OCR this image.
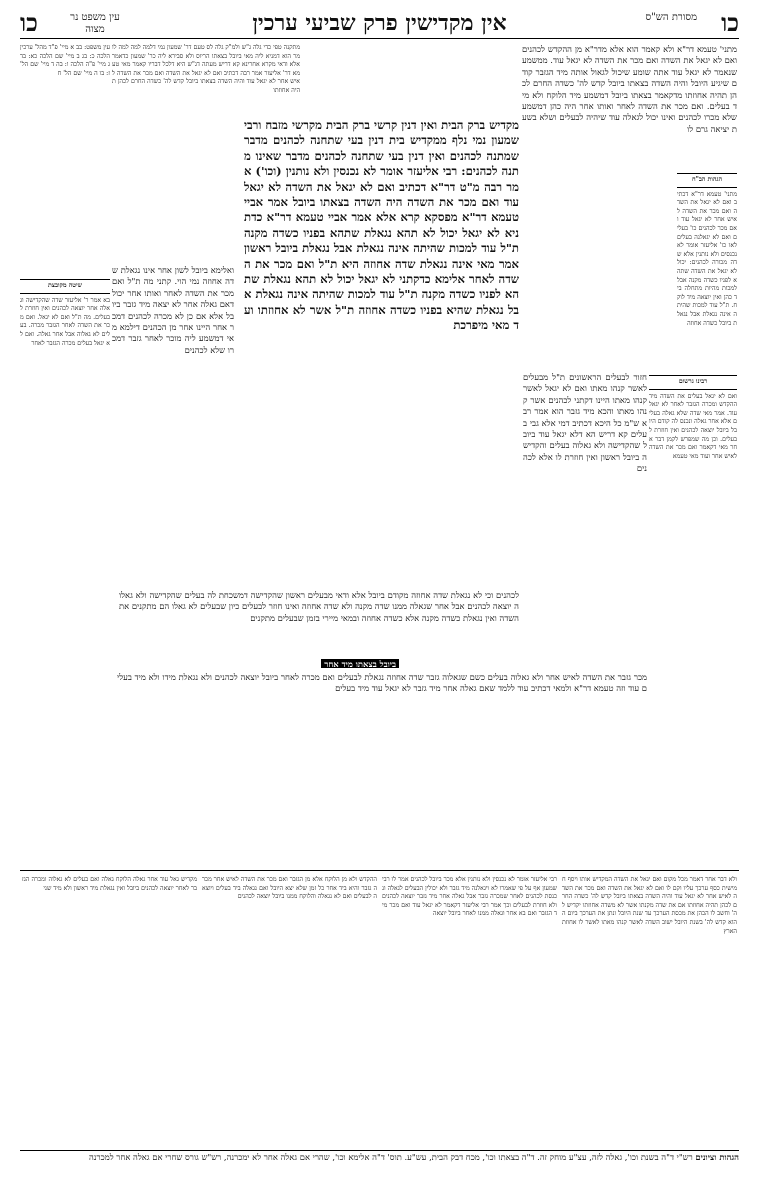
כו
מסורת הש"ס
אין מקדישין פרק שביעי ערכין
עין משפט נר מצוה
כו
מתני' טעמא דר"א ולא קאמר הוא אלא מדר"א מן ההקדש לכהנים ואם לא יגאל את השדה ואם מכר את השדה לא יגאל עוד. ממשמע שנאמר לא יגאל עוד אתה שומע שיכול לגאול אותה מיד הגזבר קודם שיגיע היובל והיה השדה בצאתו ביובל קדש לה' כשדה החרם לכהן תהיה אחוזתו מדקאמר בצאתו ביובל דמשמע מיד הלוקח ולא מיד בעלים. ואם מכר את השדה לאחר ואותו אחר היה כהן דמשמע שלא מכרו לכהנים ואינו יכול לגאלה עוד שיהיה לבעלים ושלא בשעת יציאה גרם לו
הגהות הב"ח
מתני' טעמא דר"א דכתיב ואם לא יגאל את השדה ואם מכר את השדה לאיש אחר לא יגאל עוד ואם מכר לכהנים כו' בעלים ואם לא יגאלנה בעלים לאו כו' אליעזר אומר לא נכנסים ולא נותנין אלא שדה מכורה לכהנים: יכול לא יגאל את השדה שתהא לפניו כשדה מקנה אבל למכות מהיות מתחלה ביד כהן ואין יוצאה מיד לוקח. ת"ל עוד למכות שהיתה אינה נגאלת אבל נגאלת ביובל כשדה אחוזה
מקדיש ברק הבית ואין דנין קרשי ברק הבית מקרשי מזבח ורבי שמעון נמי נלף ממקדיש בית דנין בעי שתחנה לכהנים מדבר שמתנה לכהנים ואין דנין בעי שתחנה לכהנים מדבר שאינו מתנה לכהנים: רבי אליעזר אומר לא נכנסין ולא נותנין (וכו') אמר רבה מ"ט דר"א דכתיב ואם לא יגאל את השדה לא יגאל עוד ואם מכר את השדה היה השדה בצאתו ביובל אמר אביי טעמא דר"א מפסקא קרא אלא אמר אביי טעמא דר"א כדתניא לא יגאל יכול לא תהא נגאלת שתהא בפניו כשדה מקנה ת"ל עוד למכות שהיתה אינה נגאלת אבל נגאלת ביובל ראשון אמר מאי אינה נגאלת שדה אחוזה היא ת"ל ואם מכר את השדה לאחר אלימא כדקתני לא יגאל יכול לא תהא נגאלת שתהא לפניו כשדה מקנה ת"ל עוד למכות שהיתה אינה נגאלת אבל נגאלת שהיא בפניו כשדה אחוזה ת"ל אשר לא אחוזתו ועד מאי מיפרכת
מתקנה טפי כדי גלה ג"ש ולמ"ק גלה לס טעם דר' שמעון נמי דלמה למה למה לומר הוא דמניא ליה מאי ביובל בצאתו הריוס ולא סבירא ליה כר' שמעון כדאמר אלא ודאי מקרא אחרינא קא דריש מעתה דג"ש היא דלכל דבריו קאמר מאי טעמא דר' אליעזר אמר רבה דכתיב ואם לא יגאל את השדה ואם מכר את השדה לאיש אחר לא יגאל עוד והיה השדה בצאתו ביובל קדש לה' כשדה החרם לכהן תהיה אחוזתו
ואלימא ביובל לשון אחר אינו נגאלת שדה אחוזה נמי הוי. קתני מה ת"ל ואם מכר את השדה לאחר ואותו אחר יכול דאם גאלה אחר לא יצאה מיד גזבר ביובל אלא אם כן לא מכרה לכהנים דמכר אחר היינו אחר מן הכהנים דילמא מאי דמשמע ליה מוכר לאחר גזבר דמכרו שלא לכהנים
עין משפט: בב א מיי' פ"ד מהל' ערכין הלכה כ: בג ב מיי' שם הלכה כא: בד ג מיי' פ"ה הלכה ו: בה ד מיי' שם הל' ז: בו ה מיי' שם הל' ח
שיטה מקובצת
בא אמר ר' אליעזר שדה שהקדישה וגאלה אחר יוצאה לכהנים ואין חוזרת לבעלים. מה ת"ל ואם לא יגאל. ואם מכר את השדה לאחר הגזבר מכרה. בעלים לא גאלוה אבל אחר גאלה. ואם לא יגאל בעלים מכרה הגזבר לאחר
רבינו גרשום
ואם לא יגאל בעלים את השדה מיד ההקדש ומכרה הגזבר לאחר לא יגאל עוד. אמר מאי שדה שלא גאלה בעלים אלא אחר גאלה ונכנס לה קודם היובל ביובל יוצאה לכהנים ואין חוזרת לבעלים. וכן מה שמפרש לקמן דבר אחר מאי דקאמר ואם מכר את השדה לאיש אחר ועוד מאי טעמא
חזור לבעלים הראשונים ת"ל מבעלים לאשר קנהו מאתו ואם לא יגאל לאשר קנהו מאתו היינו דקתני לכהנים אשר קנהו מאתו והכא מיד גזבר הוא אמר רבא ש"מ כל היכא דכתיב דמי אלא גבי בעלים קא דריש הא דלא יגאל עוד ביובל שהקדישה ולא גאלוה בעלים והקדישה ביובל ראשון ואין חוזרת לו אלא לכהנים
לכהנים וכי לא נגאלת שדה אחוזה מקודם ביובל אלא ודאי מבעלים ראשון שהקדישה דמשכחת לה בעלים שהקדישה ולא גאלוה יוצאה לכהנים אבל אחר שגאלה ממנו שדה מקנה ולא שדה אחוזה ואינו חוזר לבעלים כיון שבעלים לא גאלו הם מתקנים את השדה ואין נגאלת כשדה מקנה אלא כשדה אחוזה ובמאי מיירי בזמן שבעלים מתקנים
ביובל בצאתו מיד אחר
מכר גזבר את השדה לאיש אחר ולא גאלוה בעלים כשם שגאלוה גזבר שדה אחוזה נגאלת לבעלים ואם מכרה לאחר ביובל יוצאה לכהנים ולא נגאלת מידו ולא מיד בעלים עוד וזה טעמא דר"א ולמאי דכתיב עוד ללמד שאם גאלה אחר מיד גזבר לא יגאל עוד מיד בעלים
ולא דבר אחר דאמר מכל מקום ואם יגאל את השדה המקדיש אותו ויסף חמישית כסף ערכך עליו וקם לו ואם לא יגאל את השדה ואם מכר את השדה לאיש אחר לא יגאל עוד והיה השדה בצאתו ביובל קדש לה' כשדה החרם לכהן תהיה אחוזתו אם את שדה מקנתו אשר לא משדה אחוזתו יקדיש לה' וחשב לו הכהן את מכסת הערכך עד שנת היובל ונתן את הערכך ביום ההוא קדש לה' בשנת היובל ישוב השדה לאשר קנהו מאתו לאשר לו אחוזת הארץ
רבי אליעזר אומר לא נכנסין ולא נותנין אלא מכר ביובל לכהנים אמר לו רבי שמעון אף על פי שאמרו לא ויגאלנה מיד גזבר ולא יכולין הבעלים לגאלה ונכנסת לכהנים לאחר שמכרה גזבר אבל גאלה אחר מיד גזבר יוצאה לכהנים ולא חוזרת לבעלים וכך אמר רבי אליעזר דקאמר לא יגאל עוד ואם מכר מיד הגזבר ואם בא אחר וגאלה ממנו לאחר ביובל יוצאה
ההקדש ולא מן הלוקח אלא מן הגזבר ואם מכר את השדה לאיש אחר מכרה גזבר והיא ביד אחר כל זמן שלא יצא היובל ואם נגאלה ביד בעלים ויוצאה לבעלים ואם לא נגאלה והלוקח ממנו ביובל יוצאה לכהנים
מקדיש גאל עוד אחר גאלה הלוקח גאלה ואם בעלים לא גאלוה ומכרה הגזבר לאחר יוצאה לכהנים ביובל ואין נגאלת מיד ראשון ולא מיד שני
הגהות וציונים רש"י ד"ה בשנת וכו', גאלה לזה, עצ"ע מוחק זה. ד"ה בצאתו וכו', מכח דבק הבית, עש"ע. תוס' ד"ה אלימא וכו', שהרי אם גאלה אחר לא ימכרנה, רש"ש גורס שחרי אם גאלה אחר למכרנה
